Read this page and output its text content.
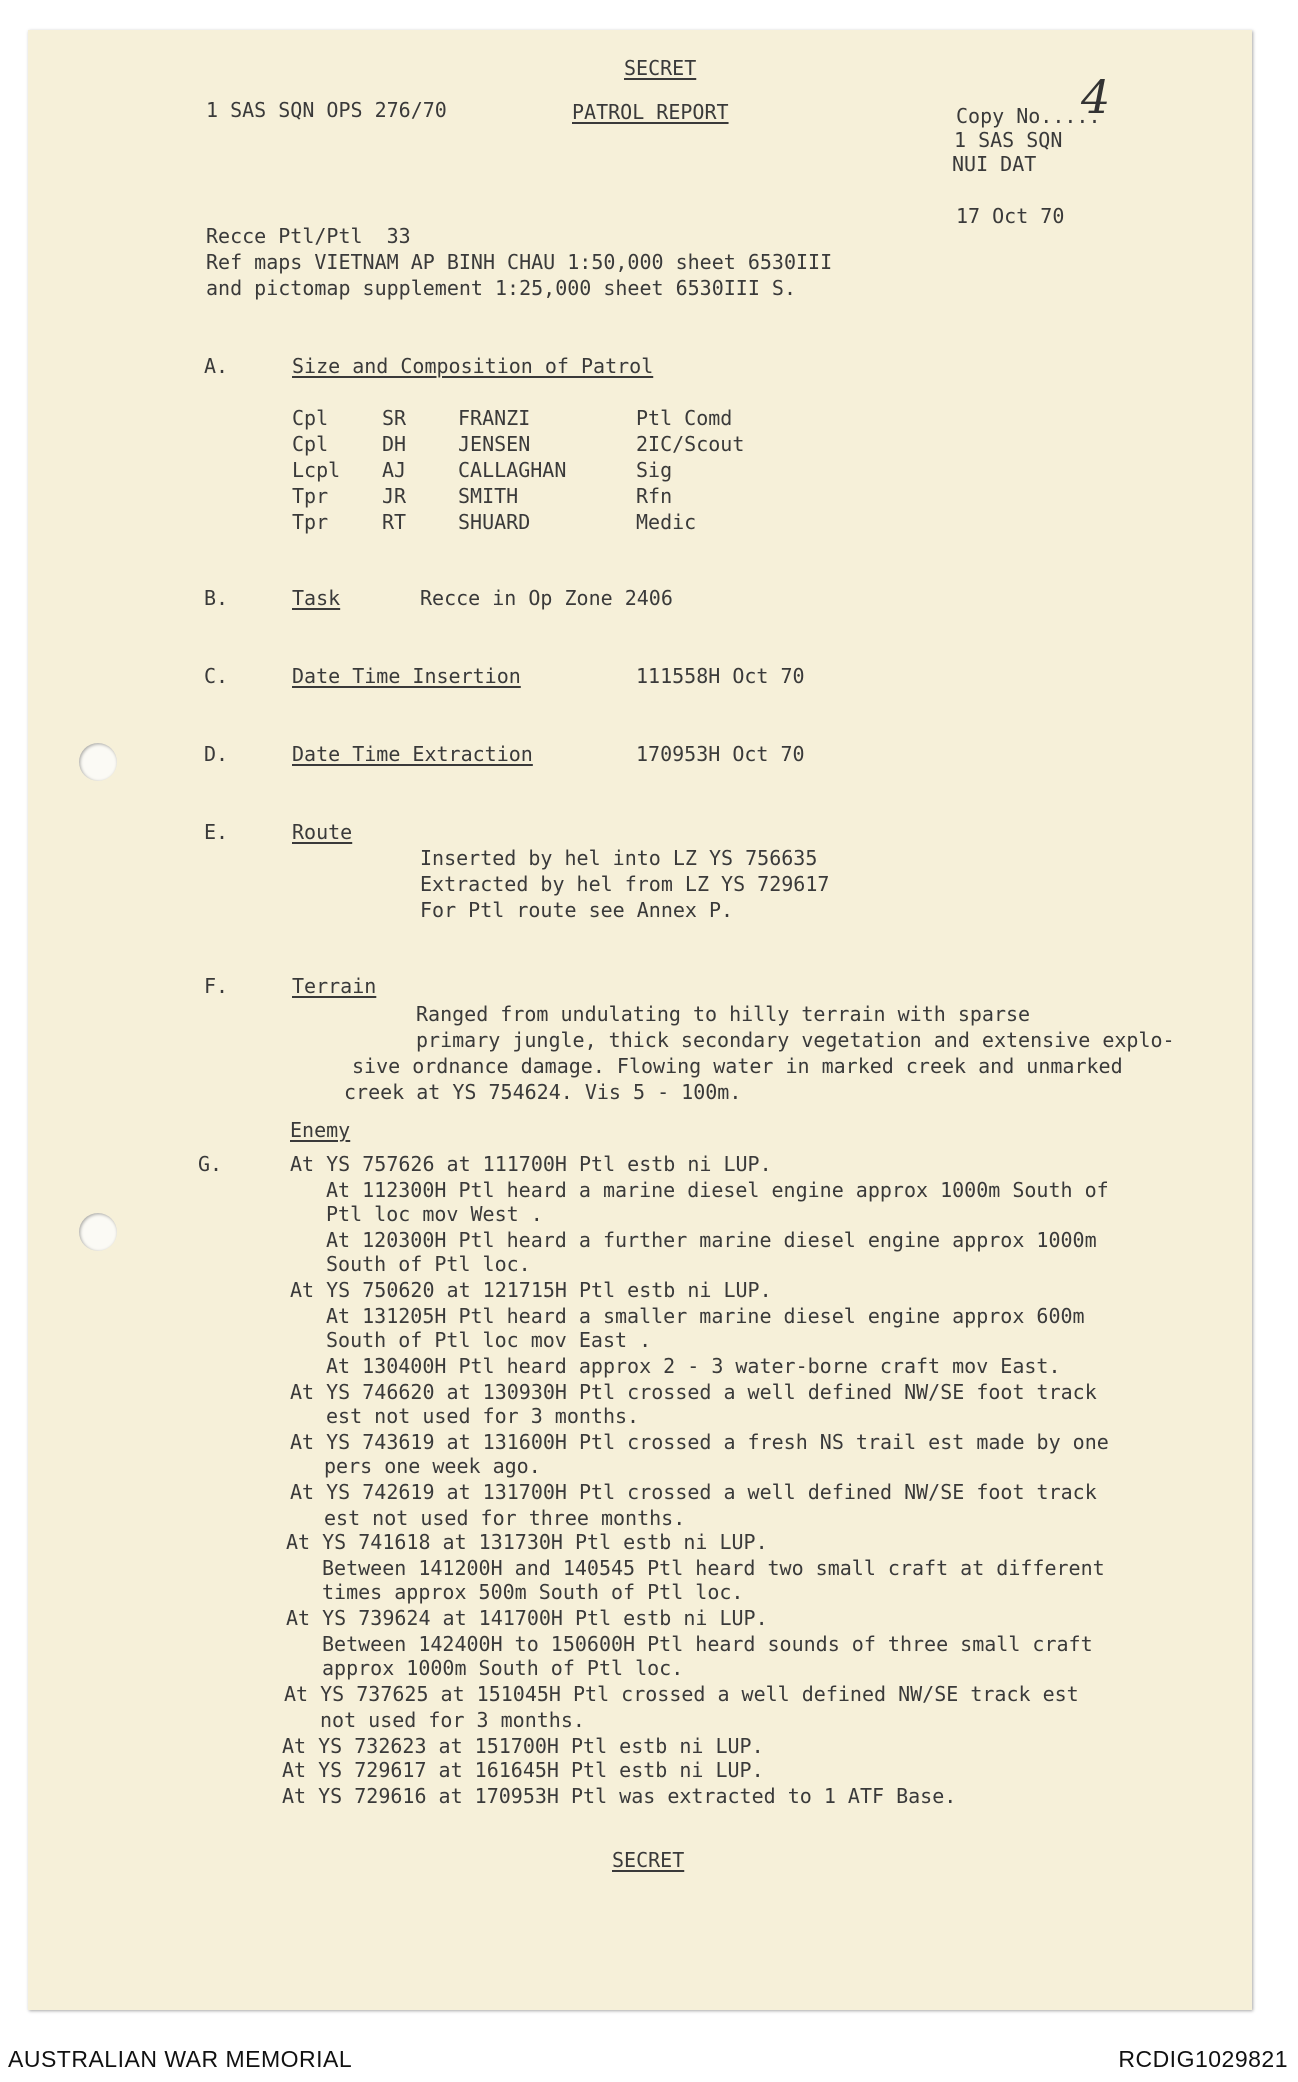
SECRET
1 SAS SQN OPS 276/70	PATROL REPORT	Copy No.....
4
1 SAS SQN
NUI DAT
17 Oct 70
Recce Ptl/Ptl  33
Ref maps VIETNAM AP BINH CHAU 1:50,000 sheet 6530III
and pictomap supplement 1:25,000 sheet 6530III S.
A.	Size and Composition of Patrol
Cpl	SR	FRANZI	Ptl Comd
Cpl	DH	JENSEN	2IC/Scout
Lcpl AJ	CALLAGHAN	Sig
Tpr	JR	SMITH	Rfn
Tpr	RT	SHUARD	Medic
B.	Task	Recce in Op Zone 2406
C.	Date Time Insertion	111558H Oct 70
D.	Date Time Extraction	170953H Oct 70
E.	Route
Inserted by hel into LZ YS 756635
Extracted by hel from LZ YS 729617
For Ptl route see Annex P.
F.	Terrain
Ranged from undulating to hilly terrain with sparse
primary jungle, thick secondary vegetation and extensive explo-
sive ordnance damage. Flowing water in marked creek and unmarked
creek at YS 754624. Vis 5 - 100m.
Enemy
G.	At YS 757626 at 111700H Ptl estb ni LUP.
At 112300H Ptl heard a marine diesel engine approx 1000m South of
Ptl loc mov West .
At 120300H Ptl heard a further marine diesel engine approx 1000m
South of Ptl loc.
At YS 750620 at 121715H Ptl estb ni LUP.
At 131205H Ptl heard a smaller marine diesel engine approx 600m
South of Ptl loc mov East .
At 130400H Ptl heard approx 2 - 3 water-borne craft mov East.
At YS 746620 at 130930H Ptl crossed a well defined NW/SE foot track
est not used for 3 months.
At YS 743619 at 131600H Ptl crossed a fresh NS trail est made by one
pers one week ago.
At YS 742619 at 131700H Ptl crossed a well defined NW/SE foot track
est not used for three months.
At YS 741618 at 131730H Ptl estb ni LUP.
Between 141200H and 140545 Ptl heard two small craft at different
times approx 500m South of Ptl loc.
At YS 739624 at 141700H Ptl estb ni LUP.
Between 142400H to 150600H Ptl heard sounds of three small craft
approx 1000m South of Ptl loc.
At YS 737625 at 151045H Ptl crossed a well defined NW/SE track est
not used for 3 months.
At YS 732623 at 151700H Ptl estb ni LUP.
At YS 729617 at 161645H Ptl estb ni LUP.
At YS 729616 at 170953H Ptl was extracted to 1 ATF Base.
SECRET
AUSTRALIAN WAR MEMORIAL	RCDIG1029821
